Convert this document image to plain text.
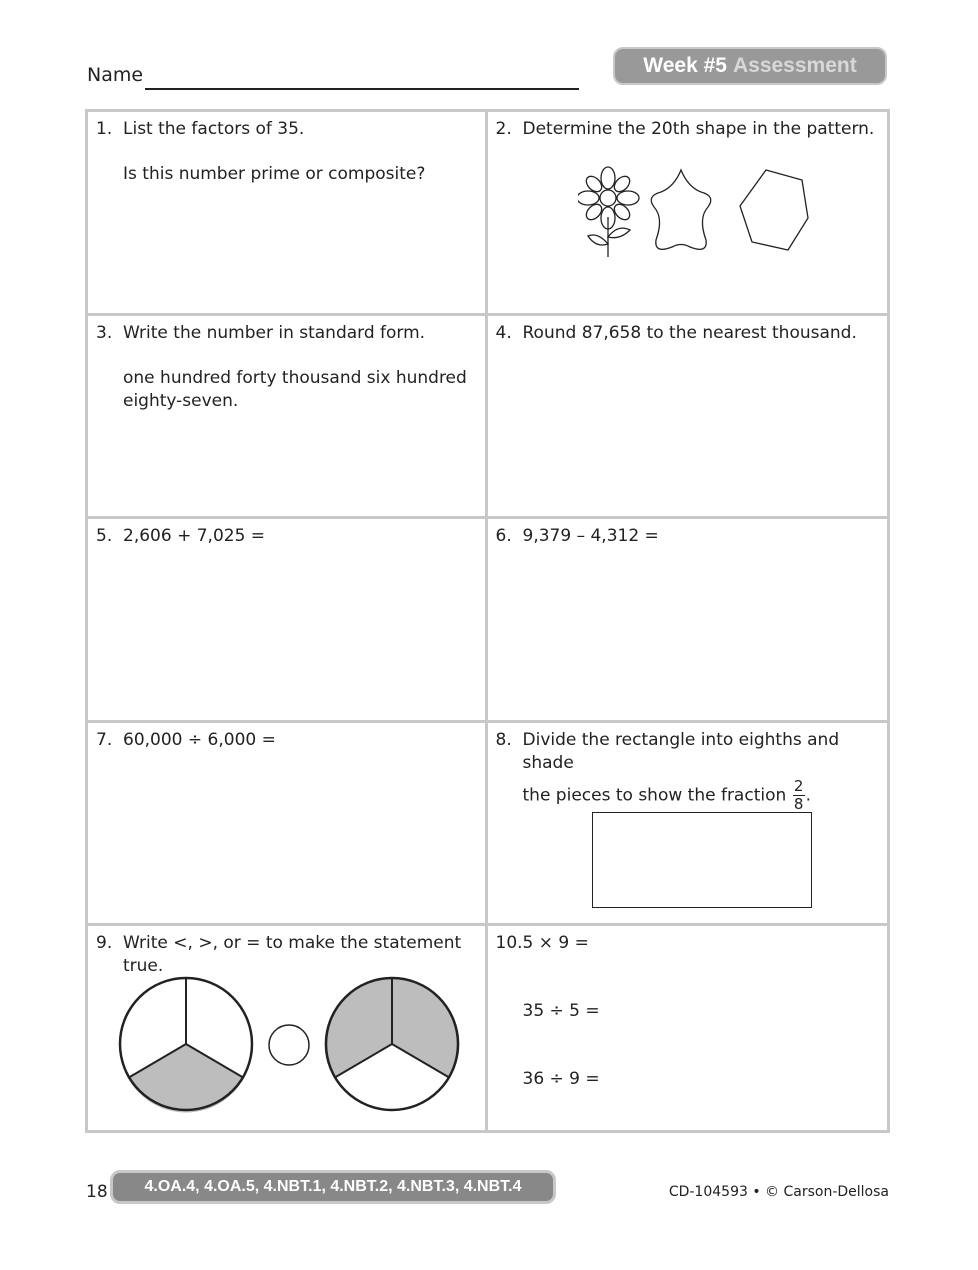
Name	Week #5 Assessment
1. List the factors of 35.
Is this number prime or composite?
2. Determine the 20th shape in the pattern.
3. Write the number in standard form.
one hundred forty thousand six hundred eighty-seven.
4. Round 87,658 to the nearest thousand.
5. 2,606 + 7,025 =	6. 9,379 – 4,312 =
7. 60,000 ÷ 6,000 =	8. Divide the rectangle into eighths and shade
the pieces to show the fraction $\frac{2}{8}$ .
9. Write <, >, or = to make the statement true.
10. 5 × 9 =
35 ÷ 5 =
36 ÷ 9 =
18	4.OA.4, 4.OA.5, 4.NBT.1, 4.NBT.2, 4.NBT.3, 4.NBT.4	CD-104593 • © Carson-Dellosa
